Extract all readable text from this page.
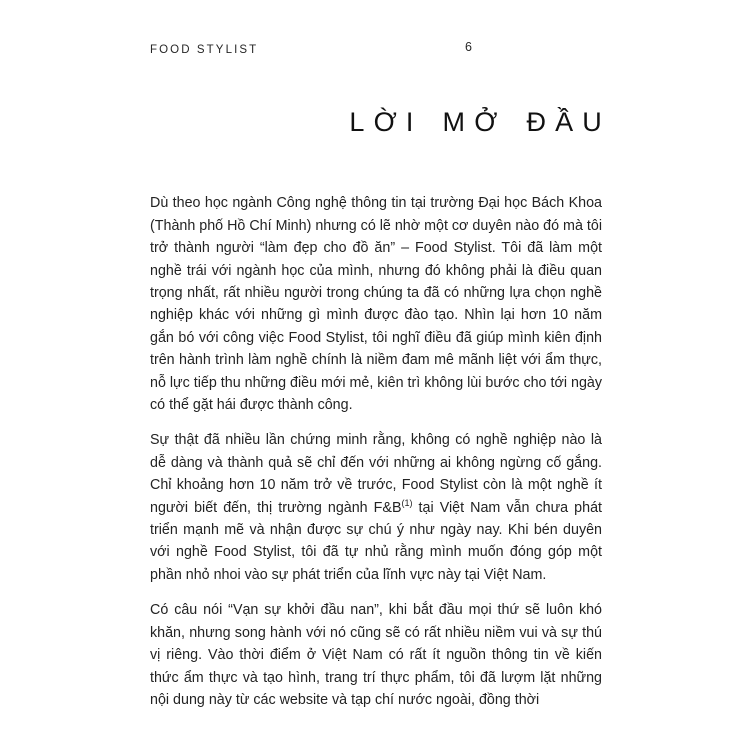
FOOD STYLIST	6
LỜI MỞ ĐẦU

Dù theo học ngành Công nghệ thông tin tại trường Đại học Bách Khoa (Thành phố Hồ Chí Minh) nhưng có lẽ nhờ một cơ duyên nào đó mà tôi trở thành người “làm đẹp cho đồ ăn” – Food Stylist. Tôi đã làm một nghề trái với ngành học của mình, nhưng đó không phải là điều quan trọng nhất, rất nhiều người trong chúng ta đã có những lựa chọn nghề nghiệp khác với những gì mình được đào tạo. Nhìn lại hơn 10 năm gắn bó với công việc Food Stylist, tôi nghĩ điều đã giúp mình kiên định trên hành trình làm nghề chính là niềm đam mê mãnh liệt với ẩm thực, nỗ lực tiếp thu những điều mới mẻ, kiên trì không lùi bước cho tới ngày có thể gặt hái được thành công.

Sự thật đã nhiều lần chứng minh rằng, không có nghề nghiệp nào là dễ dàng và thành quả sẽ chỉ đến với những ai không ngừng cố gắng. Chỉ khoảng hơn 10 năm trở về trước, Food Stylist còn là một nghề ít người biết đến, thị trường ngành F&B$^{(1)}$ tại Việt Nam vẫn chưa phát triển mạnh mẽ và nhận được sự chú ý như ngày nay. Khi bén duyên với nghề Food Stylist, tôi đã tự nhủ rằng mình muốn đóng góp một phần nhỏ nhoi vào sự phát triển của lĩnh vực này tại Việt Nam.

Có câu nói “Vạn sự khởi đầu nan”, khi bắt đầu mọi thứ sẽ luôn khó khăn, nhưng song hành với nó cũng sẽ có rất nhiều niềm vui và sự thú vị riêng. Vào thời điểm ở Việt Nam có rất ít nguồn thông tin về kiến thức ẩm thực và tạo hình, trang trí thực phẩm, tôi đã lượm lặt những nội dung này từ các website và tạp chí nước ngoài, đồng thời
